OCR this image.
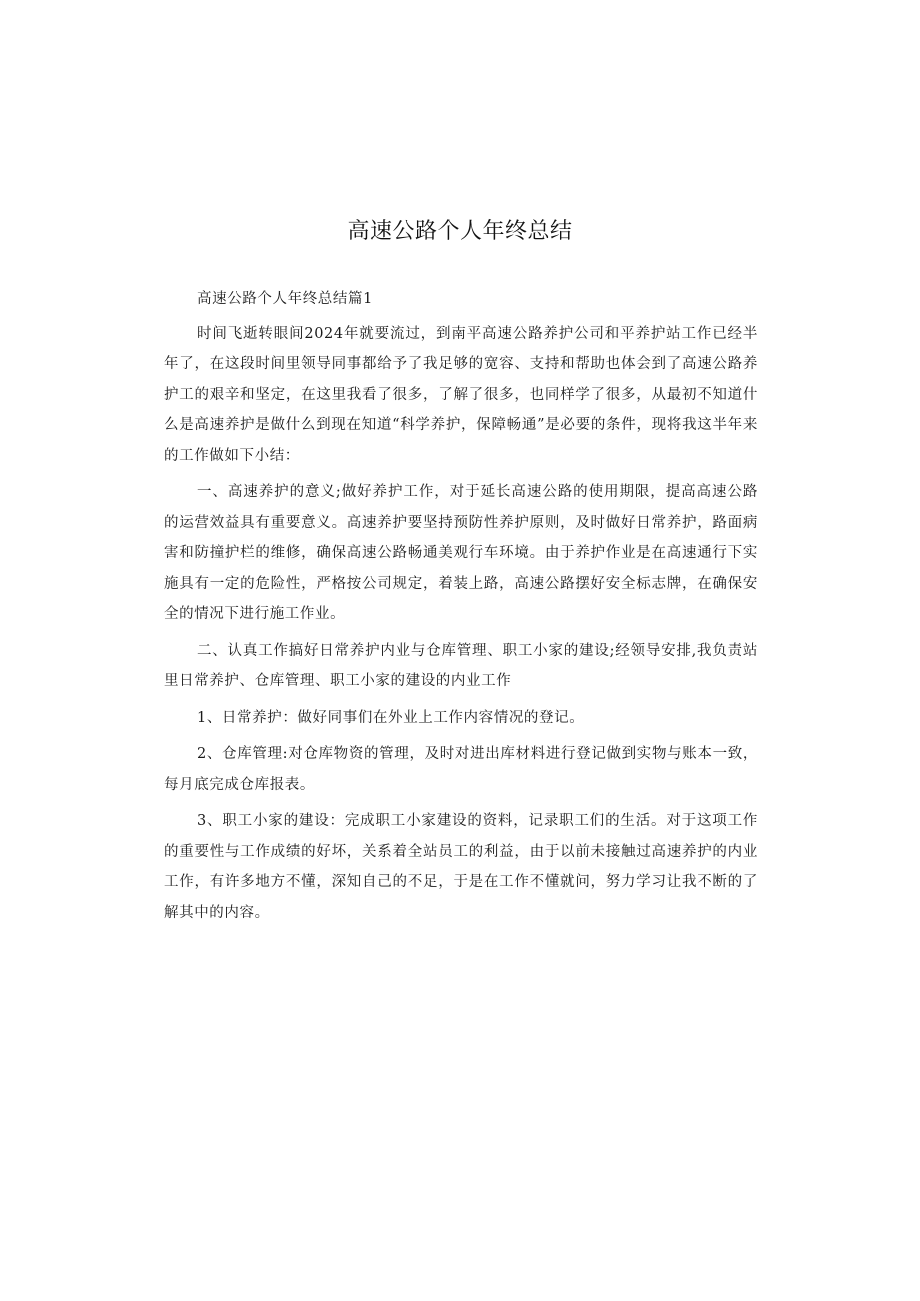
高速公路个人年终总结

高速公路个人年终总结篇1

时间飞逝转眼间2024年就要流过，到南平高速公路养护公司和平养护站工作已经半年了，在这段时间里领导同事都给予了我足够的宽容、支持和帮助也体会到了高速公路养护工的艰辛和坚定，在这里我看了很多，了解了很多，也同样学了很多，从最初不知道什么是高速养护是做什么到现在知道“科学养护，保障畅通”是必要的条件，现将我这半年来的工作做如下小结：

一、高速养护的意义;做好养护工作，对于延长高速公路的使用期限，提高高速公路的运营效益具有重要意义。高速养护要坚持预防性养护原则，及时做好日常养护，路面病害和防撞护栏的维修，确保高速公路畅通美观行车环境。由于养护作业是在高速通行下实施具有一定的危险性，严格按公司规定，着装上路，高速公路摆好安全标志牌，在确保安全的情况下进行施工作业。

二、认真工作搞好日常养护内业与仓库管理、职工小家的建设;经领导安排,我负责站里日常养护、仓库管理、职工小家的建设的内业工作

1、日常养护：做好同事们在外业上工作内容情况的登记。

2、仓库管理:对仓库物资的管理，及时对进出库材料进行登记做到实物与账本一致，每月底完成仓库报表。

3、职工小家的建设：完成职工小家建设的资料，记录职工们的生活。对于这项工作的重要性与工作成绩的好坏，关系着全站员工的利益，由于以前未接触过高速养护的内业工作，有许多地方不懂，深知自己的不足，于是在工作不懂就问，努力学习让我不断的了解其中的内容。
